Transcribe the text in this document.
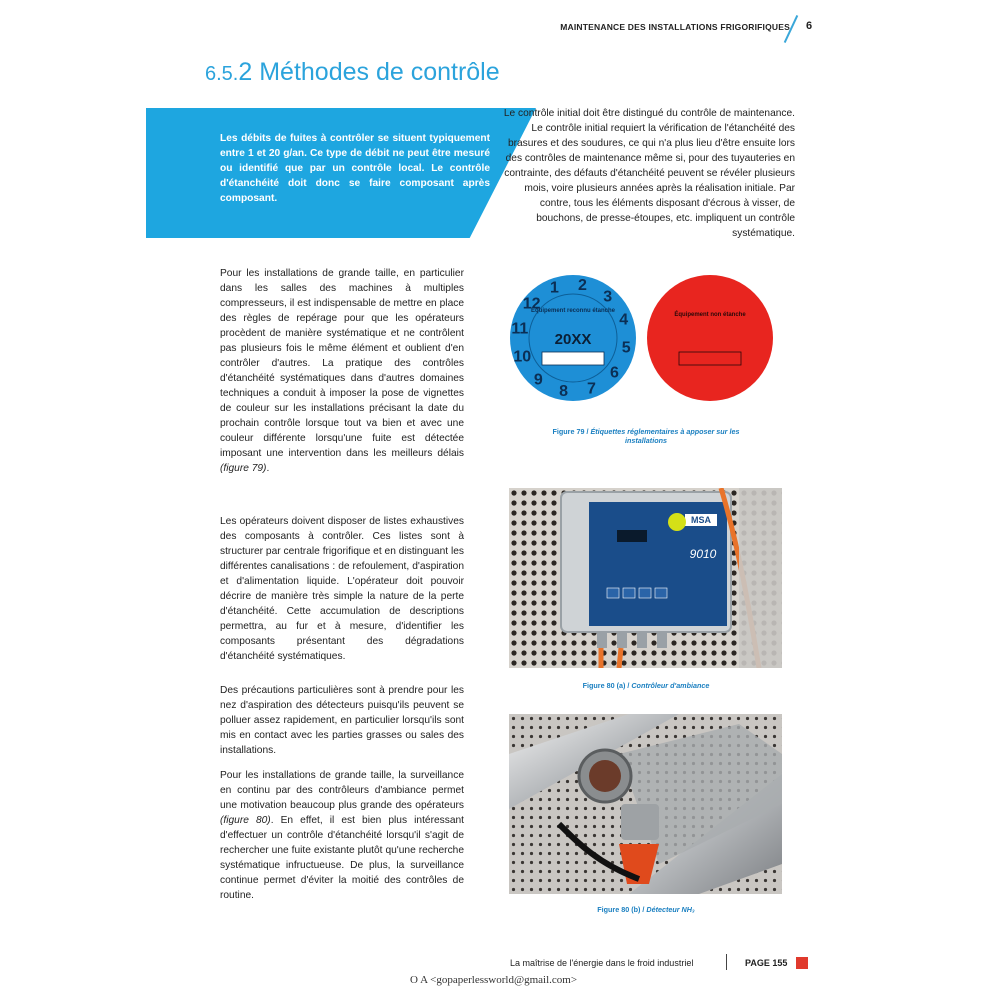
MAINTENANCE DES INSTALLATIONS FRIGORIFIQUES 6
6.5.2 Méthodes de contrôle
Les débits de fuites à contrôler se situent typiquement entre 1 et 20 g/an. Ce type de débit ne peut être mesuré ou identifié que par un contrôle local. Le contrôle d'étanchéité doit donc se faire composant après composant.
Le contrôle initial doit être distingué du contrôle de maintenance. Le contrôle initial requiert la vérification de l'étanchéité des brasures et des soudures, ce qui n'a plus lieu d'être ensuite lors des contrôles de maintenance même si, pour des tuyauteries en contrainte, des défauts d'étanchéité peuvent se révéler plusieurs mois, voire plusieurs années après la réalisation initiale. Par contre, tous les éléments disposant d'écrous à visser, de bouchons, de presse-étoupes, etc. impliquent un contrôle systématique.
Pour les installations de grande taille, en particulier dans les salles des machines à multiples compresseurs, il est indispensable de mettre en place des règles de repérage pour que les opérateurs procèdent de manière systématique et ne contrôlent pas plusieurs fois le même élément et oublient d'en contrôler d'autres. La pratique des contrôles d'étanchéité systématiques dans d'autres domaines techniques a conduit à imposer la pose de vignettes de couleur sur les installations précisant la date du prochain contrôle lorsque tout va bien et avec une couleur différente lorsqu'une fuite est détectée imposant une intervention dans les meilleurs délais (figure 79).
Les opérateurs doivent disposer de listes exhaustives des composants à contrôler. Ces listes sont à structurer par centrale frigorifique et en distinguant les différentes canalisations : de refoulement, d'aspiration et d'alimentation liquide. L'opérateur doit pouvoir décrire de manière très simple la nature de la perte d'étanchéité. Cette accumulation de descriptions permettra, au fur et à mesure, d'identifier les composants présentant des dégradations d'étanchéité systématiques.
Des précautions particulières sont à prendre pour les nez d'aspiration des détecteurs puisqu'ils peuvent se polluer assez rapidement, en particulier lorsqu'ils sont mis en contact avec les parties grasses ou sales des installations.
Pour les installations de grande taille, la surveillance en continu par des contrôleurs d'ambiance permet une motivation beaucoup plus grande des opérateurs (figure 80). En effet, il est bien plus intéressant d'effectuer un contrôle d'étanchéité lorsqu'il s'agit de rechercher une fuite existante plutôt qu'une recherche systématique infructueuse. De plus, la surveillance continue permet d'éviter la moitié des contrôles de routine.
1 2
3
4
5
6
7
8
9
10
11
12
Équipement reconnu étanche
20XX
Équipement non étanche
Figure 79 / Étiquettes réglementaires à apposer sur les installations
MSA
9010
Figure 80 (a) / Contrôleur d'ambiance
Figure 80 (b) / Détecteur NH₃
La maîtrise de l'énergie dans le froid industriel	PAGE 155
O A <gopaperlessworld@gmail.com>
